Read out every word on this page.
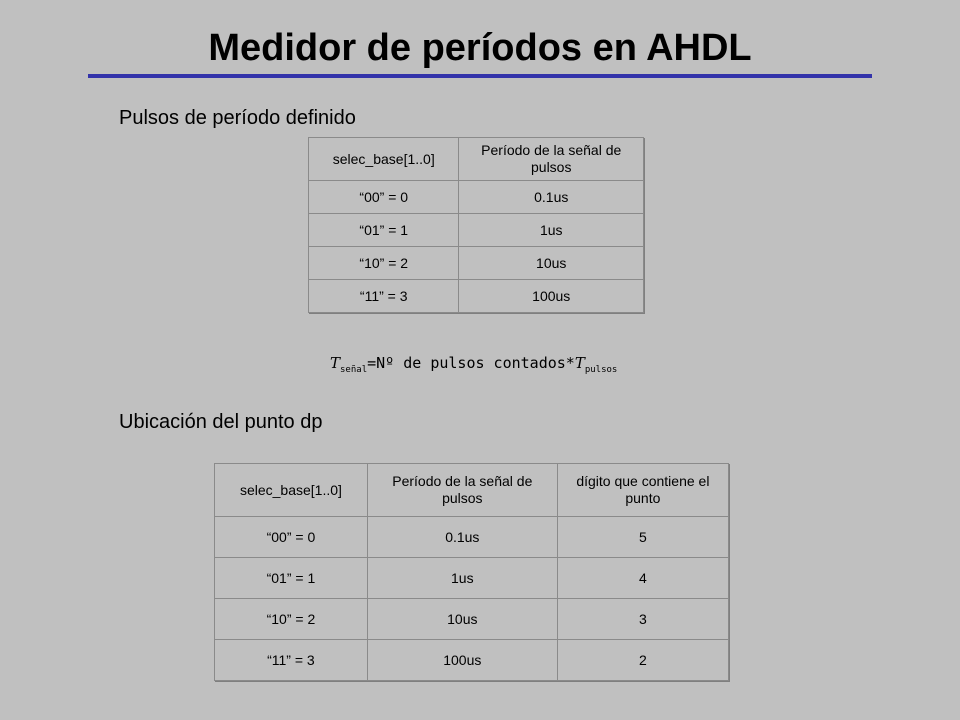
Medidor de períodos en AHDL
Pulsos de período definido
selec_base[1..0]	Período de la señal de pulsos
“00” = 0	0.1us
“01” = 1	1us
“10” = 2	10us
“11” = 3	100us
$T_{señal}=Nº$ de pulsos $contados*T_{pulsos}$
Ubicación del punto dp
selec_base[1..0]	Período de la señal de pulsos	dígito que contiene el punto
“00” = 0	0.1us	5
“01” = 1	1us	4
“10” = 2	10us	3
“11” = 3	100us	2
